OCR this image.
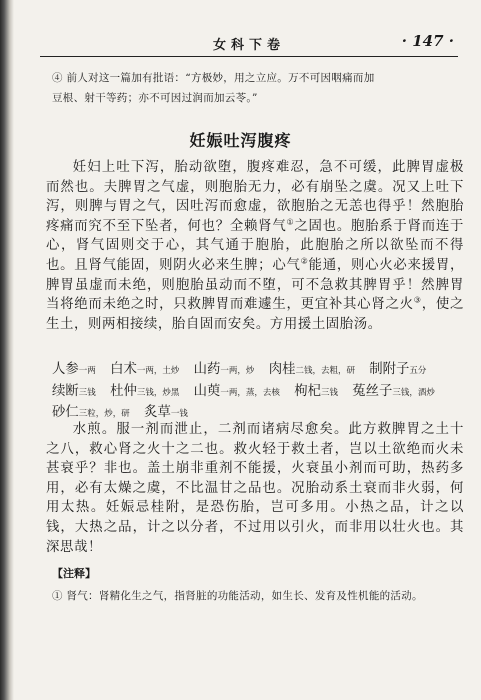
女科下卷	· 147 ·
④ 前人对这一篇加有批语：“方极妙，用之立应。万不可因咽痛而加

豆根、射干等药；亦不可因过润而加云苓。”
妊娠吐泻腹疼

妊妇上吐下泻，胎动欲堕，腹疼难忍，急不可缓，此脾胃虚极而然也。夫脾胃之气虚，则胞胎无力，必有崩坠之虞。况又上吐下泻，则脾与胃之气，因吐泻而愈虚，欲胞胎之无恙也得乎！然胞胎疼痛而究不至下坠者，何也？全赖肾气①之固也。胞胎系于肾而连于心，肾气固则交于心，其气通于胞胎，此胞胎之所以欲坠而不得也。且肾气能固，则阴火必来生脾；心气②能通，则心火必来援胃，脾胃虽虚而未绝，则胞胎虽动而不堕，可不急救其脾胃乎！然脾胃当将绝而未绝之时，只救脾胃而难遽生，更宜补其心肾之火③，使之生土，则两相接续，胎自固而安矣。方用援土固胎汤。

人参一两 白术一两，土炒 山药一两，炒 肉桂二钱，去粗，研 制附子五分 续断三钱 杜仲三钱，炒黑 山萸一两，蒸，去核 枸杞三钱 菟丝子三钱，酒炒 砂仁三粒，炒，研 炙草一钱

水煎。服一剂而泄止，二剂而诸病尽愈矣。此方救脾胃之土十之八，救心肾之火十之二也。救火轻于救土者，岂以土欲绝而火未甚衰乎？非也。盖土崩非重剂不能援，火衰虽小剂而可助，热药多用，必有太燥之虞，不比温甘之品也。况胎动系土衰而非火弱，何用太热。妊娠忌桂附，是恐伤胎，岂可多用。小热之品，计之以钱，大热之品，计之以分者，不过用以引火，而非用以壮火也。其深思哉！

【注释】
① 肾气：肾精化生之气，指肾脏的功能活动，如生长、发育及性机能的活动。
